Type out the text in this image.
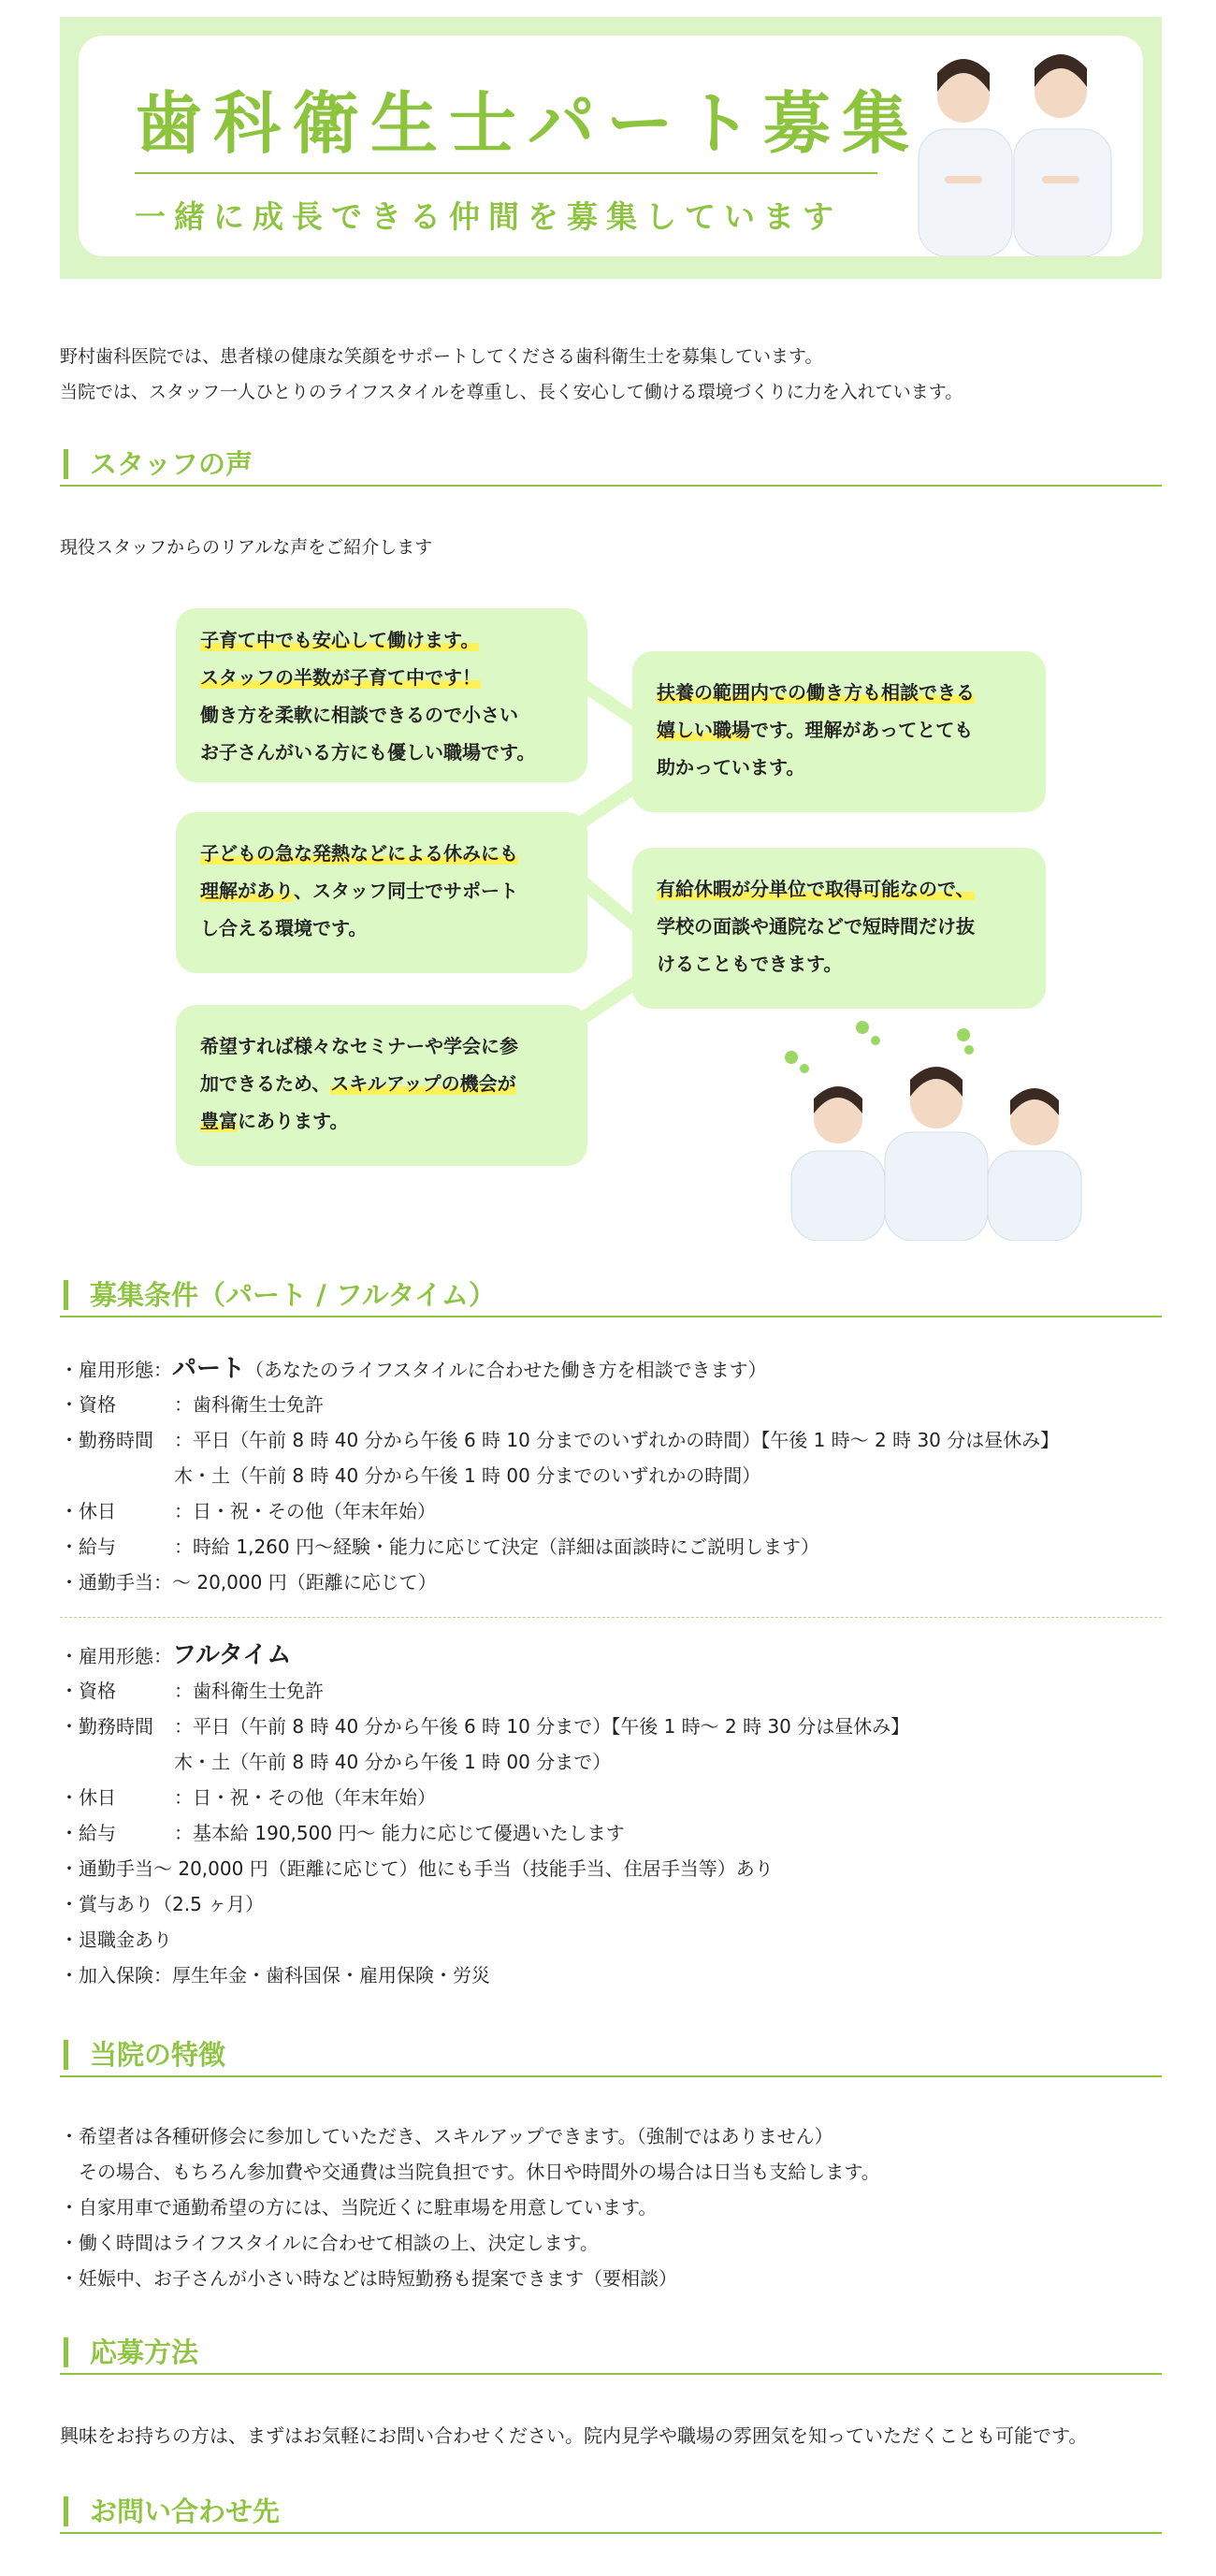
歯科衛生士パート募集
一緒に成長できる仲間を募集しています
野村歯科医院では、患者様の健康な笑顔をサポートしてくださる歯科衛生士を募集しています。
当院では、スタッフ一人ひとりのライフスタイルを尊重し、長く安心して働ける環境づくりに力を入れています。
スタッフの声
現役スタッフからのリアルな声をご紹介します
子育て中でも安心して働けます。
スタッフの半数が子育て中です！
働き方を柔軟に相談できるので小さい
お子さんがいる方にも優しい職場です。
扶養の範囲内での働き方も相談できる
嬉しい職場です。理解があってとても
助かっています。
子どもの急な発熱などによる休みにも
理解があり、スタッフ同士でサポート
し合える環境です。
有給休暇が分単位で取得可能なので、
学校の面談や通院などで短時間だけ抜
けることもできます。
希望すれば様々なセミナーや学会に参
加できるため、スキルアップの機会が
豊富にあります。
募集条件（パート / フルタイム）
・雇用形態：パート（あなたのライフスタイルに合わせた働き方を相談できます）
・資格	：歯科衛生士免許
・勤務時間 ：平日（午前 8 時 40 分から午後 6 時 10 分までのいずれかの時間）【午後 1 時〜 2 時 30 分は昼休み】
木・土（午前 8 時 40 分から午後 1 時 00 分までのいずれかの時間）
・休日	：日・祝・その他（年末年始）
・給与	：時給 1,260 円〜経験・能力に応じて決定（詳細は面談時にご説明します）
・通勤手当：〜 20,000 円（距離に応じて）
・雇用形態：フルタイム
・資格	：歯科衛生士免許
・勤務時間 ：平日（午前 8 時 40 分から午後 6 時 10 分まで）【午後 1 時〜 2 時 30 分は昼休み】
木・土（午前 8 時 40 分から午後 1 時 00 分まで）
・休日	：日・祝・その他（年末年始）
・給与	：基本給 190,500 円〜 能力に応じて優遇いたします
・通勤手当〜 20,000 円（距離に応じて）他にも手当（技能手当、住居手当等）あり
・賞与あり（2.5 ヶ月）
・退職金あり
・加入保険：厚生年金・歯科国保・雇用保険・労災
当院の特徴
・希望者は各種研修会に参加していただき、スキルアップできます。（強制ではありません）
　その場合、もちろん参加費や交通費は当院負担です。休日や時間外の場合は日当も支給します。
・自家用車で通勤希望の方には、当院近くに駐車場を用意しています。
・働く時間はライフスタイルに合わせて相談の上、決定します。
・妊娠中、お子さんが小さい時などは時短勤務も提案できます（要相談）
応募方法
興味をお持ちの方は、まずはお気軽にお問い合わせください。院内見学や職場の雰囲気を知っていただくことも可能です。
お問い合わせ先
